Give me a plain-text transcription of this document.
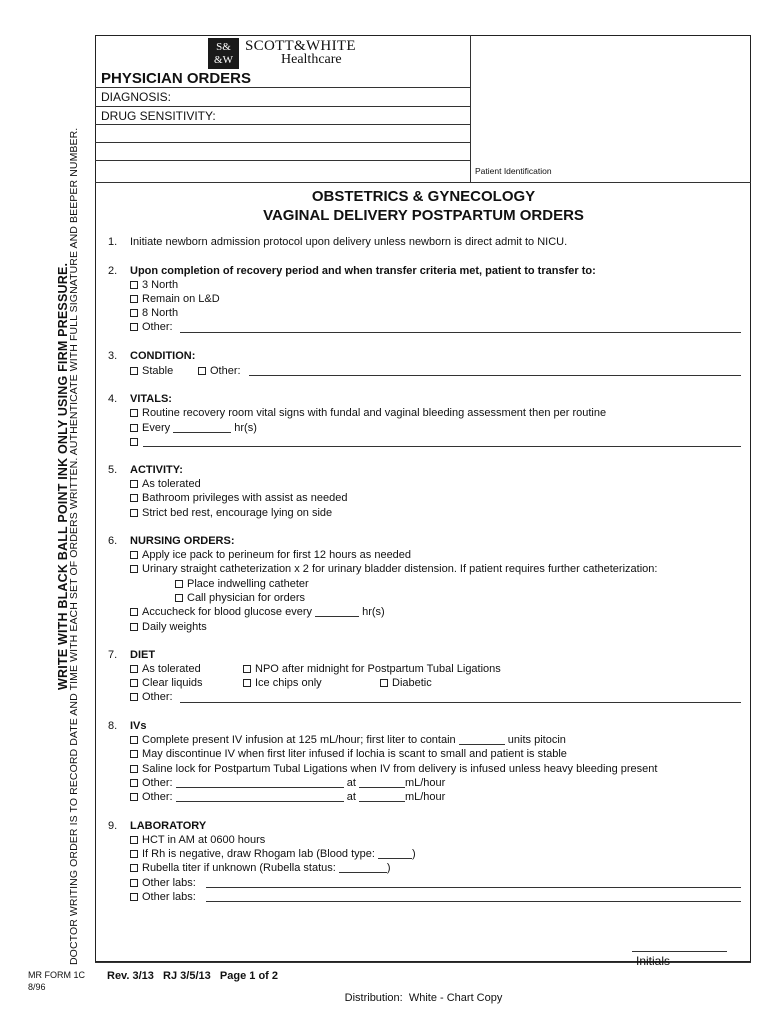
WRITE WITH BLACK BALL POINT INK ONLY USING FIRM PRESSURE.
DOCTOR WRITING ORDER IS TO RECORD DATE AND TIME WITH EACH SET OF ORDERS WRITTEN. AUTHENTICATE WITH FULL SIGNATURE AND BEEPER NUMBER.
S&
&W
SCOTT&WHITE
Healthcare
PHYSICIAN ORDERS
DIAGNOSIS:
DRUG SENSITIVITY:
Patient Identification
OBSTETRICS & GYNECOLOGY
VAGINAL DELIVERY POSTPARTUM ORDERS
1. Initiate newborn admission protocol upon delivery unless newborn is direct admit to NICU.
2. Upon completion of recovery period and when transfer criteria met, patient to transfer to:
3 North
Remain on L&D
8 North
Other:
3. CONDITION:
Stable	Other:
4. VITALS:
Routine recovery room vital signs with fundal and vaginal bleeding assessment then per routine
Every	hr(s)
5. ACTIVITY:
As tolerated
Bathroom privileges with assist as needed
Strict bed rest, encourage lying on side
6. NURSING ORDERS:
Apply ice pack to perineum for first 12 hours as needed
Urinary straight catheterization x 2 for urinary bladder distension. If patient requires further catheterization:
Place indwelling catheter
Call physician for orders
Accucheck for blood glucose every	hr(s)
Daily weights
7. DIET
As tolerated	NPO after midnight for Postpartum Tubal Ligations
Clear liquids	Ice chips only	Diabetic
Other:
8. IVs
Complete present IV infusion at 125 mL/hour; first liter to contain	units pitocin
May discontinue IV when first liter infused if lochia is scant to small and patient is stable
Saline lock for Postpartum Tubal Ligations when IV from delivery is infused unless heavy bleeding present
Other:	at	mL/hour
Other:	at	mL/hour
9. LABORATORY
HCT in AM at 0600 hours
If Rh is negative, draw Rhogam lab (Blood type:	)
Rubella titer if unknown (Rubella status:	)
Other labs:
Other labs:
Initials
MR FORM 1C
8/96
Rev. 3/13   RJ 3/5/13   Page 1 of 2
Distribution:  White - Chart Copy
